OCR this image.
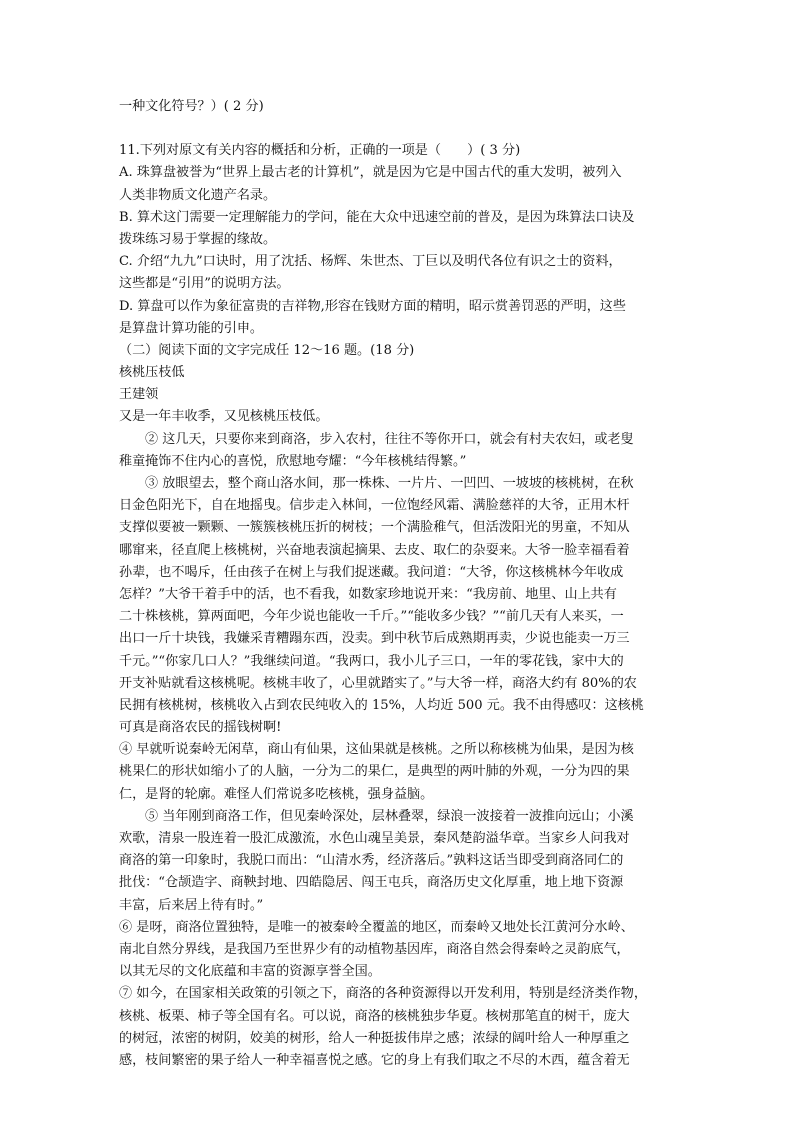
一种文化符号？）( 2 分)
11.下列对原文有关内容的概括和分析，正确的一项是（　　）( 3 分)
A. 珠算盘被誉为“世界上最古老的计算机”，就是因为它是中国古代的重大发明，被列入
人类非物质文化遗产名录。
B. 算术这门需要一定理解能力的学问，能在大众中迅速空前的普及，是因为珠算法口诀及
拨珠练习易于掌握的缘故。
C. 介绍“九九”口诀时，用了沈括、杨辉、朱世杰、丁巨以及明代各位有识之士的资料，
这些都是“引用”的说明方法。
D. 算盘可以作为象征富贵的吉祥物,形容在钱财方面的精明，昭示赏善罚恶的严明，这些
是算盘计算功能的引申。
（二）阅读下面的文字完成任 12～16 题。(18 分)
核桃压枝低
王建领
又是一年丰收季，又见核桃压枝低。
② 这几天，只要你来到商洛，步入农村，往往不等你开口，就会有村夫农妇，或老叟
稚童掩饰不住内心的喜悦，欣慰地夸耀：“今年核桃结得繁。”
③ 放眼望去，整个商山洛水间，那一株株、一片片、一凹凹、一坡坡的核桃树，在秋
日金色阳光下，自在地摇曳。信步走入林间，一位饱经风霜、满脸慈祥的大爷，正用木杆
支撑似要被一颗颗、一簇簇核桃压折的树枝；一个满脸稚气，但活泼阳光的男童，不知从
哪窜来，径直爬上核桃树，兴奋地表演起摘果、去皮、取仁的杂耍来。大爷一脸幸福看着
孙辈，也不喝斥，任由孩子在树上与我们捉迷藏。我问道：“大爷，你这核桃林今年收成
怎样？”大爷干着手中的活，也不看我，如数家珍地说开来：“我房前、地里、山上共有
二十株核桃，算两面吧，今年少说也能收一千斤。”“能收多少钱？”“前几天有人来买，一
出口一斤十块钱，我嫌采青糟蹋东西，没卖。到中秋节后成熟期再卖，少说也能卖一万三
千元。”“你家几口人？”我继续问道。“我两口，我小儿子三口，一年的零花钱，家中大的
开支补贴就看这核桃呢。核桃丰收了，心里就踏实了。”与大爷一样，商洛大约有 80%的农
民拥有核桃树，核桃收入占到农民纯收入的 15%，人均近 500 元。我不由得感叹：这核桃
可真是商洛农民的摇钱树啊!
④ 早就听说秦岭无闲草，商山有仙果，这仙果就是核桃。之所以称核桃为仙果，是因为核
桃果仁的形状如缩小了的人脑，一分为二的果仁，是典型的两叶肺的外观，一分为四的果
仁，是肾的轮廓。难怪人们常说多吃核桃，强身益脑。
⑤ 当年刚到商洛工作，但见秦岭深处，层林叠翠，绿浪一波接着一波推向远山；小溪
欢歌，清泉一股连着一股汇成激流，水色山魂呈美景，秦风楚韵溢华章。当家乡人问我对
商洛的第一印象时，我脱口而出：“山清水秀，经济落后。”孰料这话当即受到商洛同仁的
批伐：“仓颉造字、商鞅封地、四皓隐居、闯王屯兵，商洛历史文化厚重，地上地下资源
丰富，后来居上待有时。”
⑥ 是呀，商洛位置独特，是唯一的被秦岭全覆盖的地区，而秦岭又地处长江黄河分水岭、
南北自然分界线，是我国乃至世界少有的动植物基因库，商洛自然会得秦岭之灵韵底气，
以其无尽的文化底蕴和丰富的资源享誉全国。
⑦ 如今，在国家相关政策的引领之下，商洛的各种资源得以开发利用，特别是经济类作物，
核桃、板栗、柿子等全国有名。可以说，商洛的核桃独步华夏。核树那笔直的树干，庞大
的树冠，浓密的树阴，姣美的树形，给人一种挺拔伟岸之感；浓绿的阔叶给人一种厚重之
感，枝间繁密的果子给人一种幸福喜悦之感。它的身上有我们取之不尽的木西，蕴含着无
